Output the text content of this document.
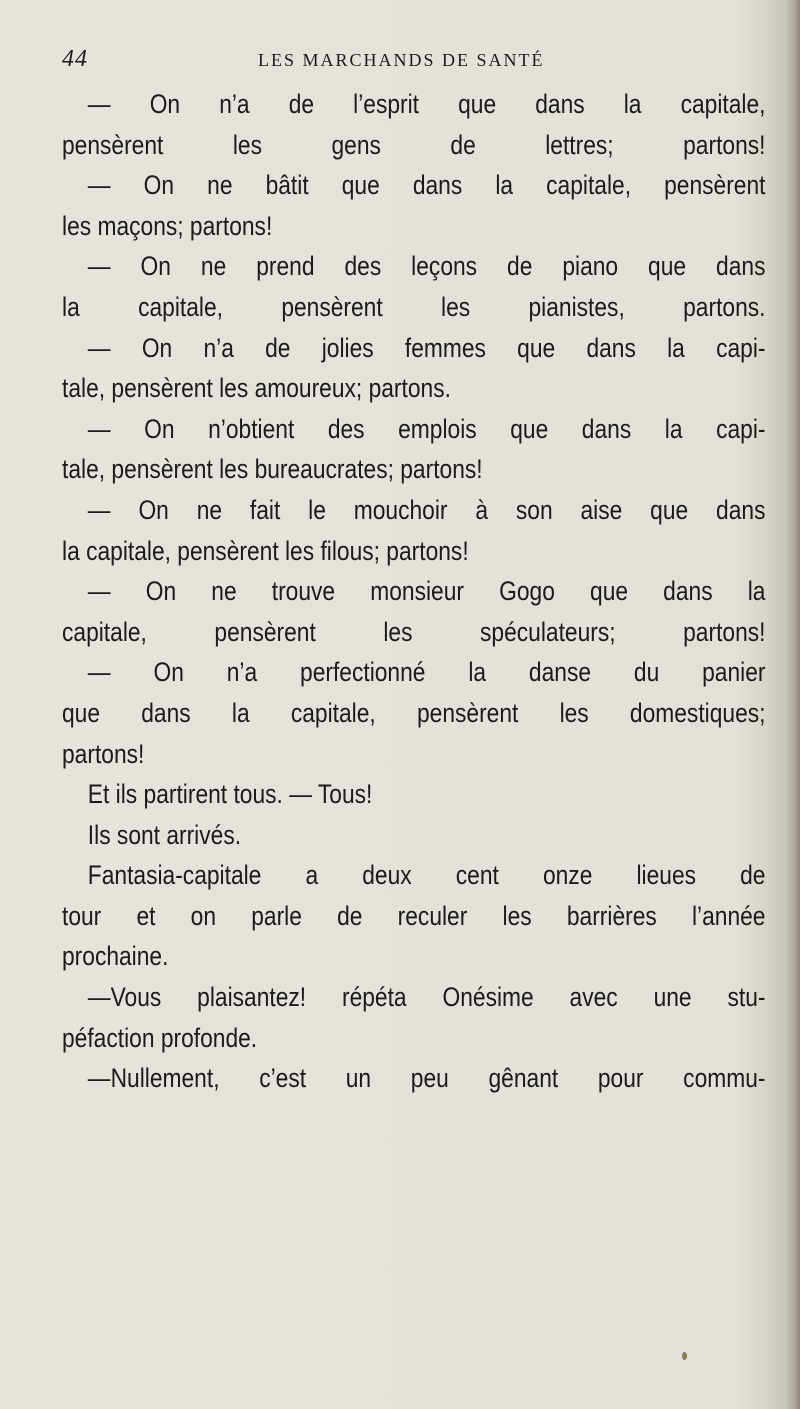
44	LES MARCHANDS DE SANTÉ
— On n’a de l’esprit que dans la capitale,
pensèrent les gens de lettres; partons!
— On ne bâtit que dans la capitale, pensèrent
les maçons; partons!
— On ne prend des leçons de piano que dans
la capitale, pensèrent les pianistes, partons.
— On n’a de jolies femmes que dans la capi-
tale, pensèrent les amoureux; partons.
— On n’obtient des emplois que dans la capi-
tale, pensèrent les bureaucrates; partons!
— On ne fait le mouchoir à son aise que dans
la capitale, pensèrent les filous; partons!
— On ne trouve monsieur Gogo que dans la
capitale, pensèrent les spéculateurs; partons!
— On n’a perfectionné la danse du panier
que dans la capitale, pensèrent les domestiques;
partons!
Et ils partirent tous. — Tous!
Ils sont arrivés.
Fantasia-capitale a deux cent onze lieues de
tour et on parle de reculer les barrières l’année
prochaine.
—Vous plaisantez! répéta Onésime avec une stu-
péfaction profonde.
—Nullement, c’est un peu gênant pour commu-
